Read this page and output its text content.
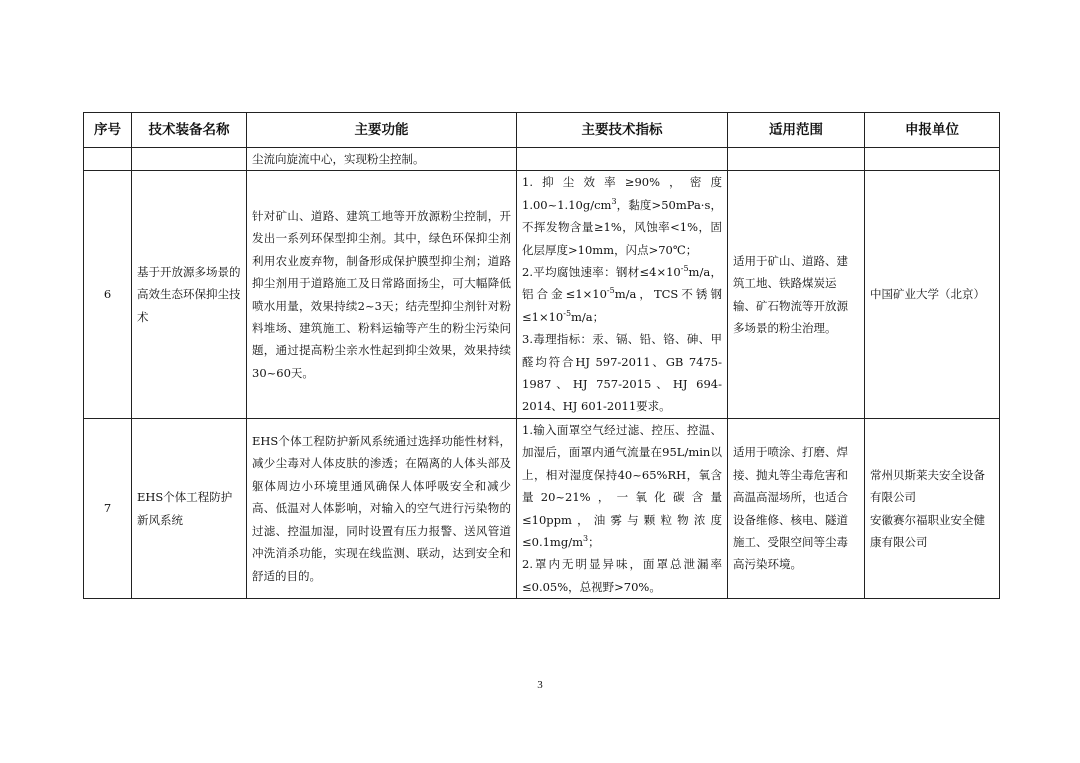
序号	技术装备名称	主要功能	主要技术指标	适用范围	申报单位
		尘流向旋流中心，实现粉尘控制。			
6	基于开放源多场景的高效生态环保抑尘技术	针对矿山、道路、建筑工地等开放源粉尘控制，开发出一系列环保型抑尘剂。其中，绿色环保抑尘剂利用农业废弃物，制备形成保护膜型抑尘剂；道路抑尘剂用于道路施工及日常路面扬尘，可大幅降低喷水用量，效果持续2~3天；结壳型抑尘剂针对粉料堆场、建筑施工、粉料运输等产生的粉尘污染问题，通过提高粉尘亲水性起到抑尘效果，效果持续30~60天。	1.抑尘效率≥90%，密度$1.00\sim 1.10g/cm^3$，黏度>50mPa·s，不挥发物含量≥1%，风蚀率<1%，固化层厚度>10mm，闪点>70℃；
2.平均腐蚀速率：钢材$\le 4\times 10^{-5}m/a$，铝合金$\le 1\times 10^{-5}m/a$，TCS不锈钢$\le 1\times 10^{-5}m/a$；
3.毒理指标：汞、镉、铅、铬、砷、甲醛均符合HJ 597-2011、GB 7475-1987、HJ 757-2015、HJ 694-2014、HJ 601-2011要求。	适用于矿山、道路、建筑工地、铁路煤炭运输、矿石物流等开放源多场景的粉尘治理。	中国矿业大学（北京）
7	EHS个体工程防护新风系统	EHS个体工程防护新风系统通过选择功能性材料，减少尘毒对人体皮肤的渗透；在隔离的人体头部及躯体周边小环境里通风确保人体呼吸安全和减少高、低温对人体影响，对输入的空气进行污染物的过滤、控温加湿，同时设置有压力报警、送风管道冲洗消杀功能，实现在线监测、联动，达到安全和舒适的目的。	1.输入面罩空气经过滤、控压、控温、加湿后，面罩内通气流量在95L/min以上，相对湿度保持40~65%RH，氧含量20~21%，一氧化碳含量≤10ppm，油雾与颗粒物浓度$\le 0.1mg/m^3$；
2.罩内无明显异味，面罩总泄漏率≤0.05%，总视野>70%。	适用于喷涂、打磨、焊接、抛丸等尘毒危害和高温高湿场所，也适合设备维修、核电、隧道施工、受限空间等尘毒高污染环境。	常州贝斯莱夫安全设备有限公司
安徽赛尔福职业安全健康有限公司
3
